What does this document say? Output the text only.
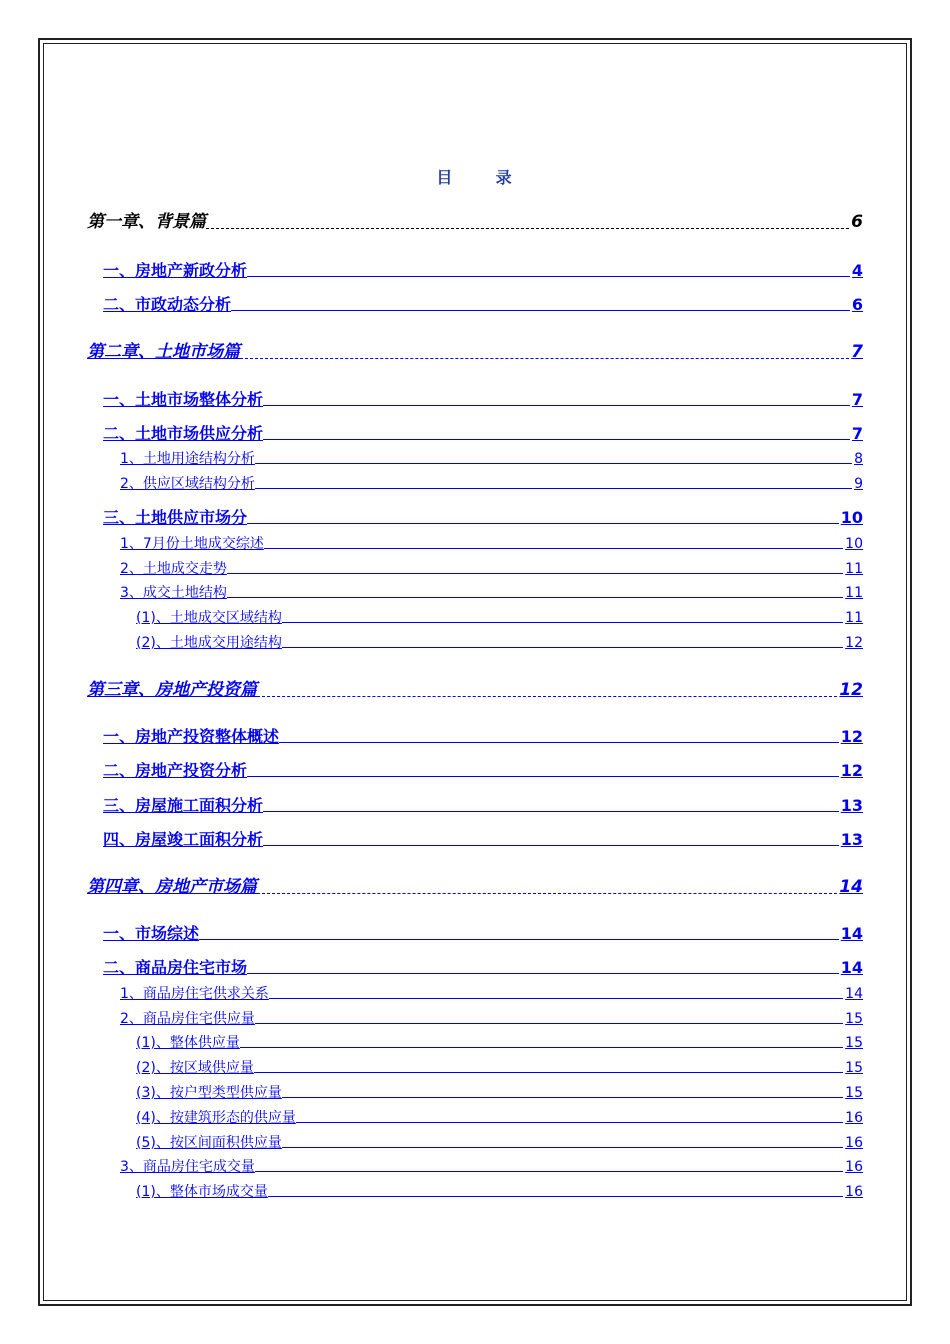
目	录
第一章、背景篇	6
一、房地产新政分析	4
二、市政动态分析	6
第二章、土地市场篇	7
一、土地市场整体分析	7
二、土地市场供应分析	7
1、土地用途结构分析	8
2、供应区域结构分析	9
三、土地供应市场分	10
1、7月份土地成交综述	10
2、土地成交走势	11
3、成交土地结构	11
(1)、土地成交区域结构	11
(2)、土地成交用途结构	12
第三章、房地产投资篇	12
一、房地产投资整体概述	12
二、房地产投资分析	12
三、房屋施工面积分析	13
四、房屋竣工面积分析	13
第四章、房地产市场篇	14
一、市场综述	14
二、商品房住宅市场	14
1、商品房住宅供求关系	14
2、商品房住宅供应量	15
(1)、整体供应量	15
(2)、按区域供应量	15
(3)、按户型类型供应量	15
(4)、按建筑形态的供应量	16
(5)、按区间面积供应量	16
3、商品房住宅成交量	16
(1)、整体市场成交量	16
